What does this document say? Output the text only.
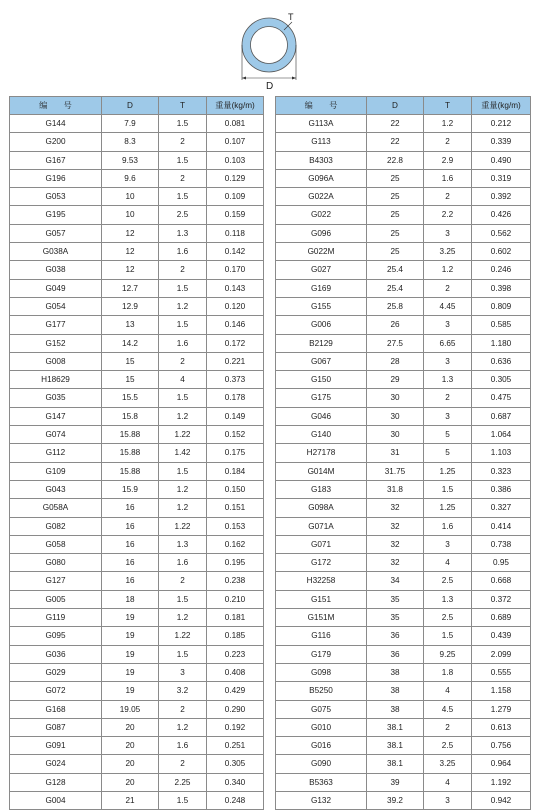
T
D
编　　号	D	T	重量(kg/m)
G144	7.9	1.5	0.081
G200	8.3	2	0.107
G167	9.53	1.5	0.103
G196	9.6	2	0.129
G053	10	1.5	0.109
G195	10	2.5	0.159
G057	12	1.3	0.118
G038A	12	1.6	0.142
G038	12	2	0.170
G049	12.7	1.5	0.143
G054	12.9	1.2	0.120
G177	13	1.5	0.146
G152	14.2	1.6	0.172
G008	15	2	0.221
H18629	15	4	0.373
G035	15.5	1.5	0.178
G147	15.8	1.2	0.149
G074	15.88	1.22	0.152
G112	15.88	1.42	0.175
G109	15.88	1.5	0.184
G043	15.9	1.2	0.150
G058A	16	1.2	0.151
G082	16	1.22	0.153
G058	16	1.3	0.162
G080	16	1.6	0.195
G127	16	2	0.238
G005	18	1.5	0.210
G119	19	1.2	0.181
G095	19	1.22	0.185
G036	19	1.5	0.223
G029	19	3	0.408
G072	19	3.2	0.429
G168	19.05	2	0.290
G087	20	1.2	0.192
G091	20	1.6	0.251
G024	20	2	0.305
G128	20	2.25	0.340
G004	21	1.5	0.248
编　　号	D	T	重量(kg/m)
G113A	22	1.2	0.212
G113	22	2	0.339
B4303	22.8	2.9	0.490
G096A	25	1.6	0.319
G022A	25	2	0.392
G022	25	2.2	0.426
G096	25	3	0.562
G022M	25	3.25	0.602
G027	25.4	1.2	0.246
G169	25.4	2	0.398
G155	25.8	4.45	0.809
G006	26	3	0.585
B2129	27.5	6.65	1.180
G067	28	3	0.636
G150	29	1.3	0.305
G175	30	2	0.475
G046	30	3	0.687
G140	30	5	1.064
H27178	31	5	1.103
G014M	31.75	1.25	0.323
G183	31.8	1.5	0.386
G098A	32	1.25	0.327
G071A	32	1.6	0.414
G071	32	3	0.738
G172	32	4	0.95
H32258	34	2.5	0.668
G151	35	1.3	0.372
G151M	35	2.5	0.689
G116	36	1.5	0.439
G179	36	9.25	2.099
G098	38	1.8	0.555
B5250	38	4	1.158
G075	38	4.5	1.279
G010	38.1	2	0.613
G016	38.1	2.5	0.756
G090	38.1	3.25	0.964
B5363	39	4	1.192
G132	39.2	3	0.942
